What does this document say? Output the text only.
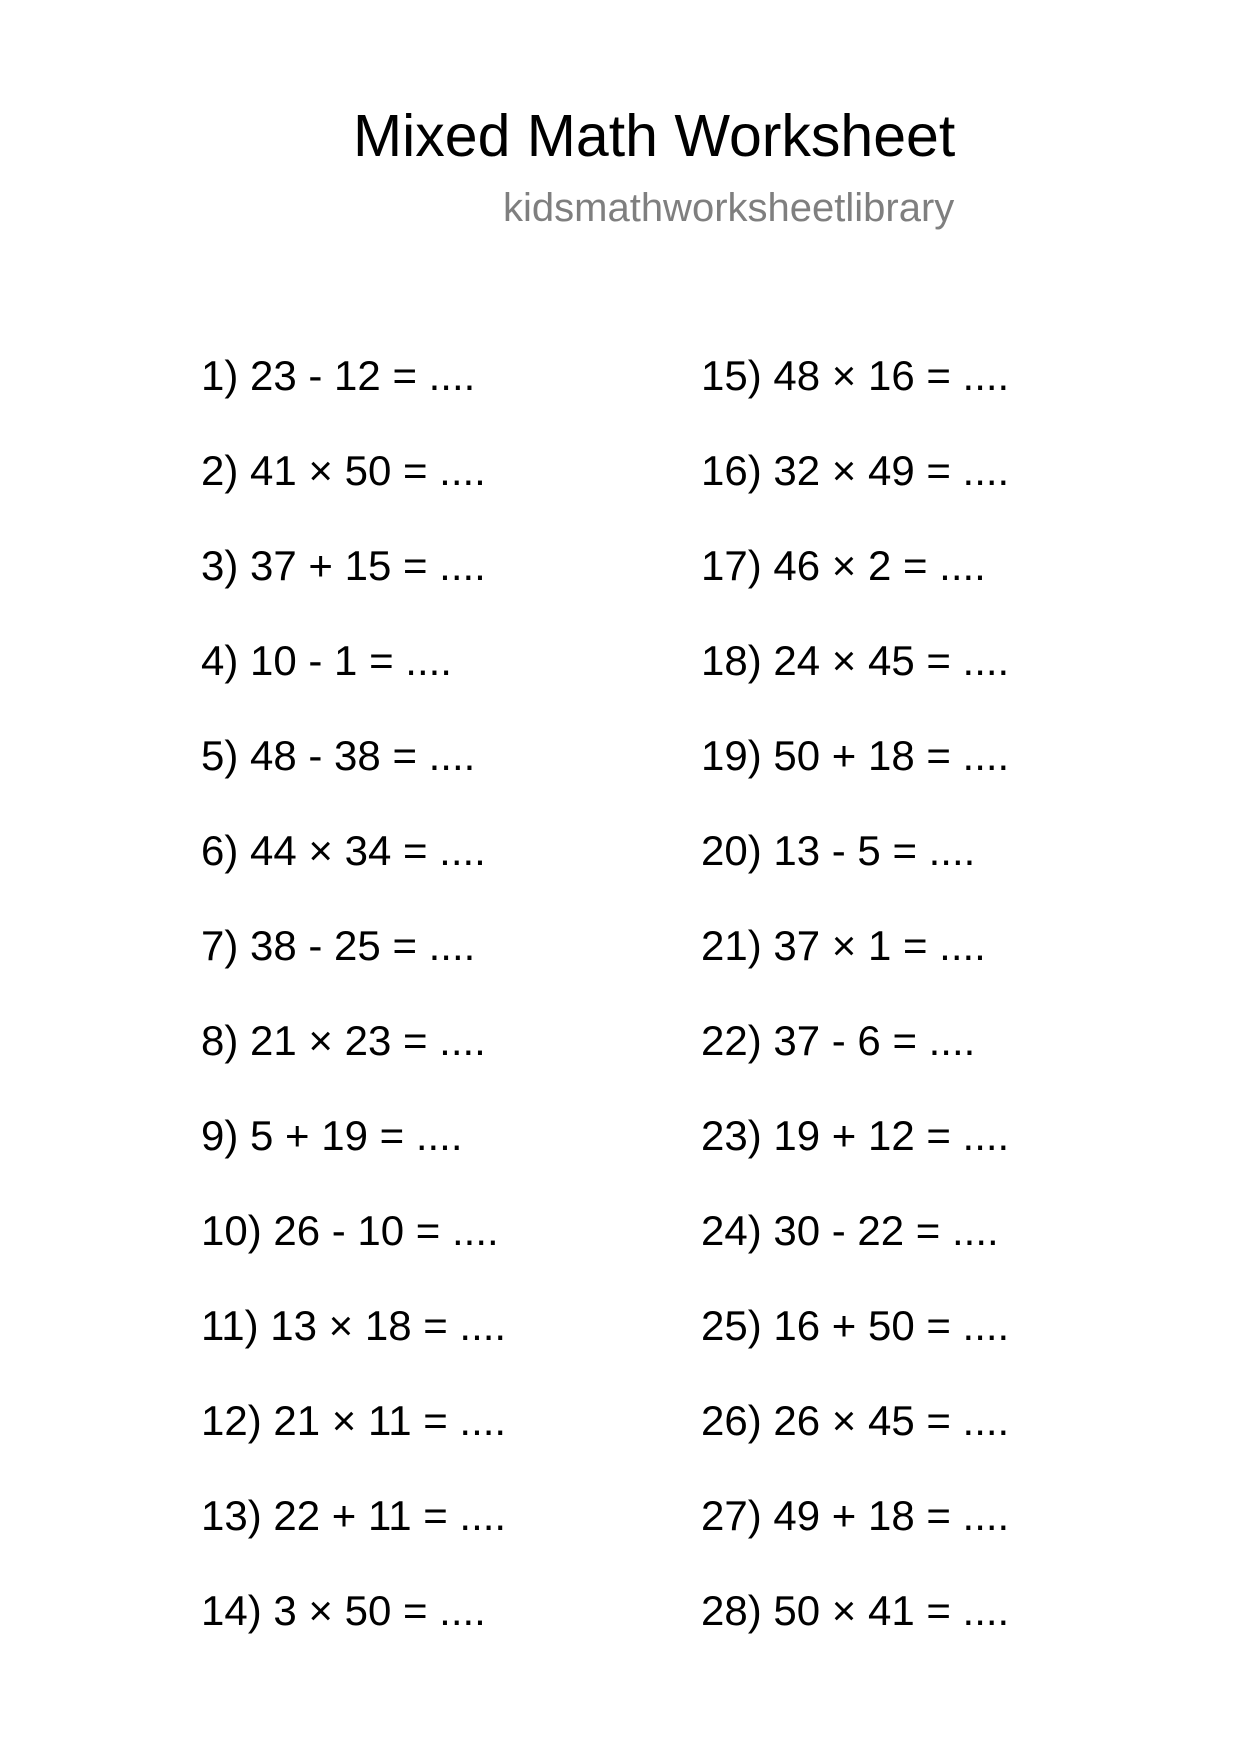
Mixed Math Worksheet
kidsmathworksheetlibrary
1) 23 - 12 = ....
2) 41 × 50 = ....
3) 37 + 15 = ....
4) 10 - 1 = ....
5) 48 - 38 = ....
6) 44 × 34 = ....
7) 38 - 25 = ....
8) 21 × 23 = ....
9) 5 + 19 = ....
10) 26 - 10 = ....
11) 13 × 18 = ....
12) 21 × 11 = ....
13) 22 + 11 = ....
14) 3 × 50 = ....
15) 48 × 16 = ....
16) 32 × 49 = ....
17) 46 × 2 = ....
18) 24 × 45 = ....
19) 50 + 18 = ....
20) 13 - 5 = ....
21) 37 × 1 = ....
22) 37 - 6 = ....
23) 19 + 12 = ....
24) 30 - 22 = ....
25) 16 + 50 = ....
26) 26 × 45 = ....
27) 49 + 18 = ....
28) 50 × 41 = ....
